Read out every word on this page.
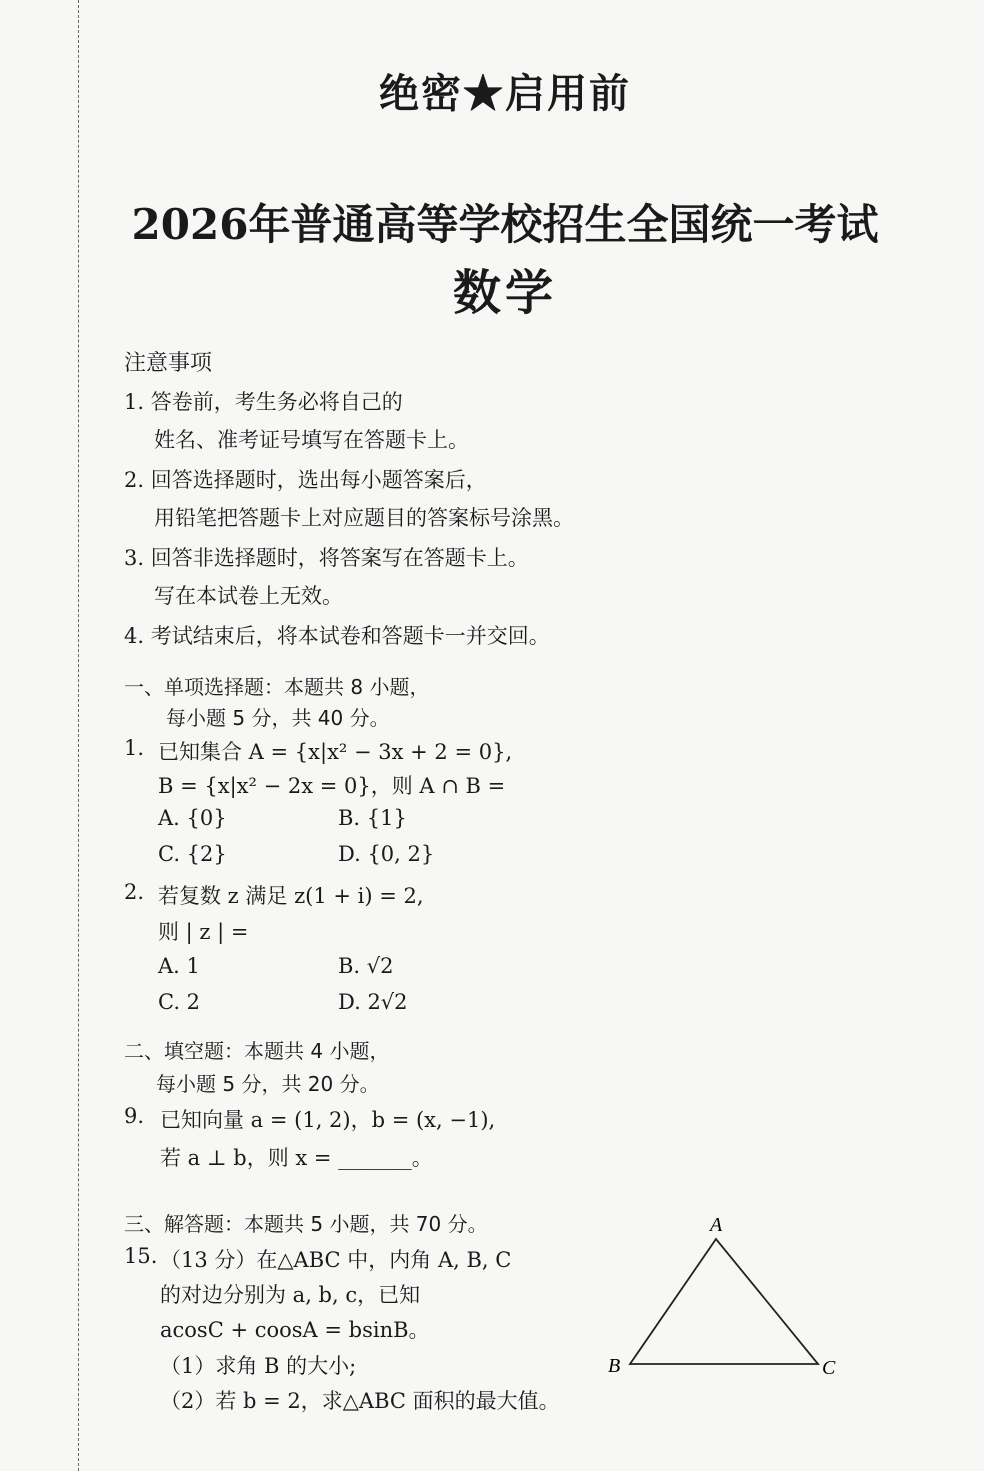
绝密★启用前
2026年普通高等学校招生全国统一考试
数学
注意事项
1. 答卷前，考生务必将自己的
姓名、准考证号填写在答题卡上。
2. 回答选择题时，选出每小题答案后，
用铅笔把答题卡上对应题目的答案标号涂黑。
3. 回答非选择题时，将答案写在答题卡上。
写在本试卷上无效。
4. 考试结束后，将本试卷和答题卡一并交回。
一、单项选择题：本题共 8 小题，
每小题 5 分，共 40 分。
1. 已知集合 A = {x|x² − 3x + 2 = 0},
B = {x|x² − 2x = 0}，则 A ∩ B =
A. {0}	B. {1}
C. {2}	D. {0, 2}
2. 若复数 z 满足 z(1 + i) = 2,
则 | z | =
A. 1	B. √2
C. 2	D. 2√2
二、填空题：本题共 4 小题，
每小题 5 分，共 20 分。
9. 已知向量 a = (1, 2)，b = (x, −1),
若 a ⊥ b，则 x = _______。
三、解答题：本题共 5 小题，共 70 分。
15. （13 分）在△ABC 中，内角 A, B, C
的对边分别为 a, b, c，已知
acosC + coosA = bsinB。
（1）求角 B 的大小;
（2）若 b = 2，求△ABC 面积的最大值。
A
B	C
